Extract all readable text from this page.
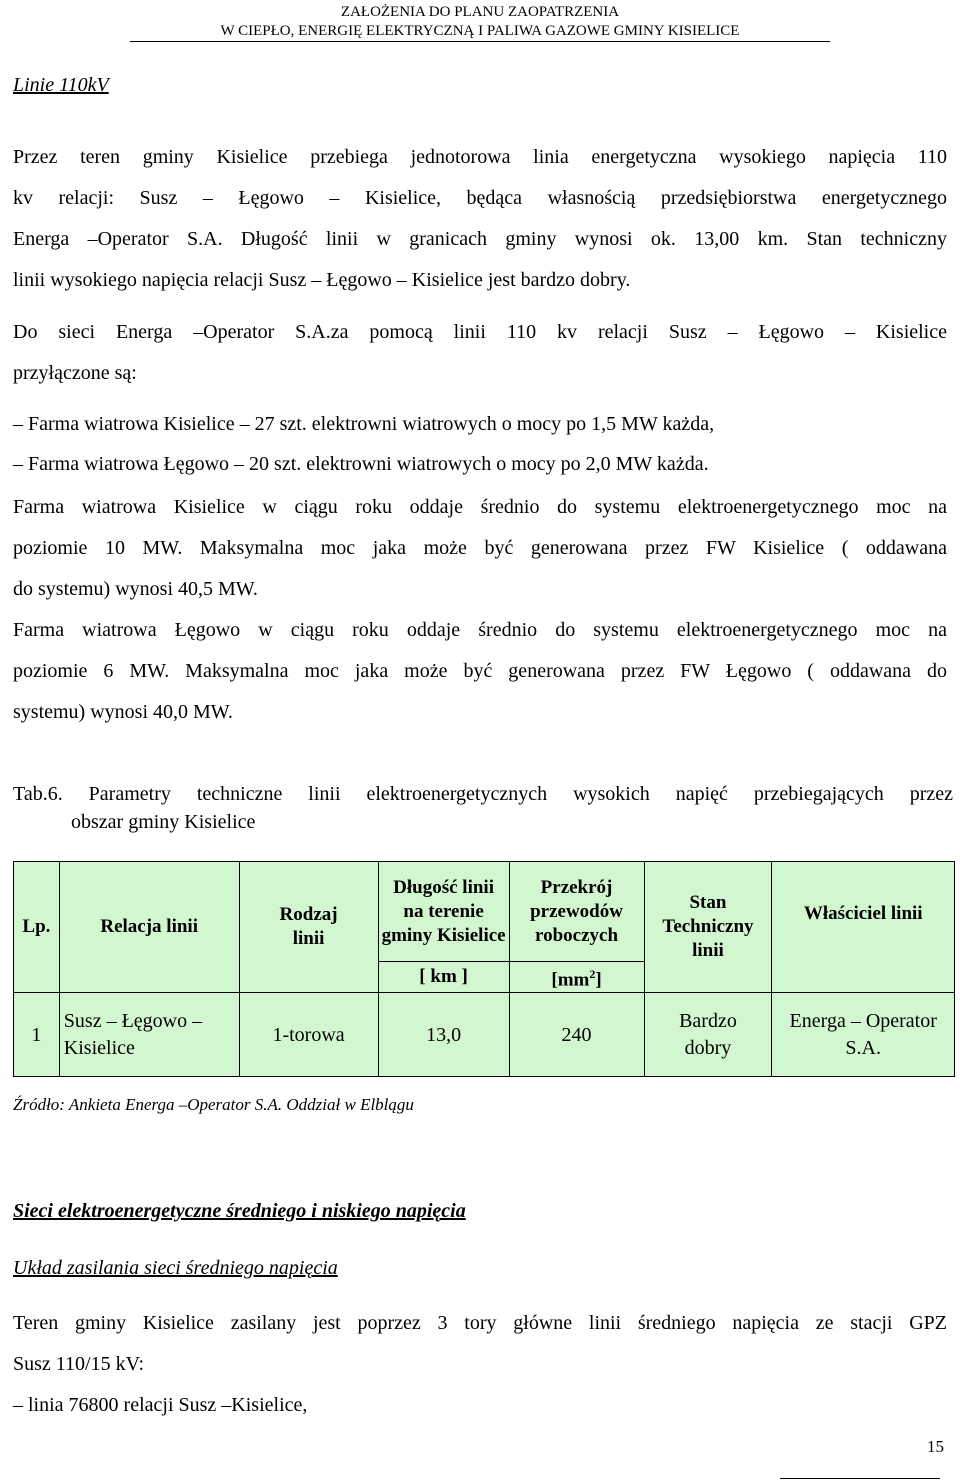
ZAŁOŻENIA DO PLANU ZAOPATRZENIA
W CIEPŁO, ENERGIĘ ELEKTRYCZNĄ I PALIWA GAZOWE GMINY KISIELICE
Linie 110kV
Przez teren gminy Kisielice przebiega jednotorowa linia energetyczna wysokiego napięcia 110
kv relacji: Susz – Łęgowo – Kisielice, będąca własnością przedsiębiorstwa energetycznego
Energa –Operator S.A. Długość linii w granicach gminy wynosi ok. 13,00 km. Stan techniczny
linii wysokiego napięcia relacji Susz – Łęgowo – Kisielice jest bardzo dobry.
Do sieci Energa –Operator S.A.za pomocą linii 110 kv relacji Susz – Łęgowo – Kisielice
przyłączone są:
– Farma wiatrowa Kisielice – 27 szt. elektrowni wiatrowych o mocy po 1,5 MW każda,
– Farma wiatrowa Łęgowo – 20 szt. elektrowni wiatrowych o mocy po 2,0 MW każda.
Farma wiatrowa Kisielice w ciągu roku oddaje średnio do systemu elektroenergetycznego moc na
poziomie 10 MW. Maksymalna moc jaka może być generowana przez FW Kisielice ( oddawana
do systemu) wynosi 40,5 MW.
Farma wiatrowa Łęgowo w ciągu roku oddaje średnio do systemu elektroenergetycznego moc na
poziomie 6 MW. Maksymalna moc jaka może być generowana przez FW Łęgowo ( oddawana do
systemu) wynosi 40,0 MW.
Tab.6. Parametry techniczne linii elektroenergetycznych wysokich napięć przebiegających przez
obszar gminy Kisielice
Lp.	Relacja linii	Rodzaj linii	Długość linii na terenie gminy Kisielice	Przekrój przewodów roboczych	Stan Techniczny linii	Właściciel linii
			[ km ]	$[mm^2]$		
1	Susz – Łęgowo – Kisielice	1-torowa	13,0	240	Bardzo dobry	Energa – Operator S.A.
Źródło: Ankieta Energa –Operator S.A. Oddział w Elblągu
Sieci elektroenergetyczne średniego i niskiego napięcia
Układ zasilania sieci średniego napięcia
Teren gminy Kisielice zasilany jest poprzez 3 tory główne linii średniego napięcia ze stacji GPZ
Susz 110/15 kV:
– linia 76800 relacji Susz –Kisielice,
15
